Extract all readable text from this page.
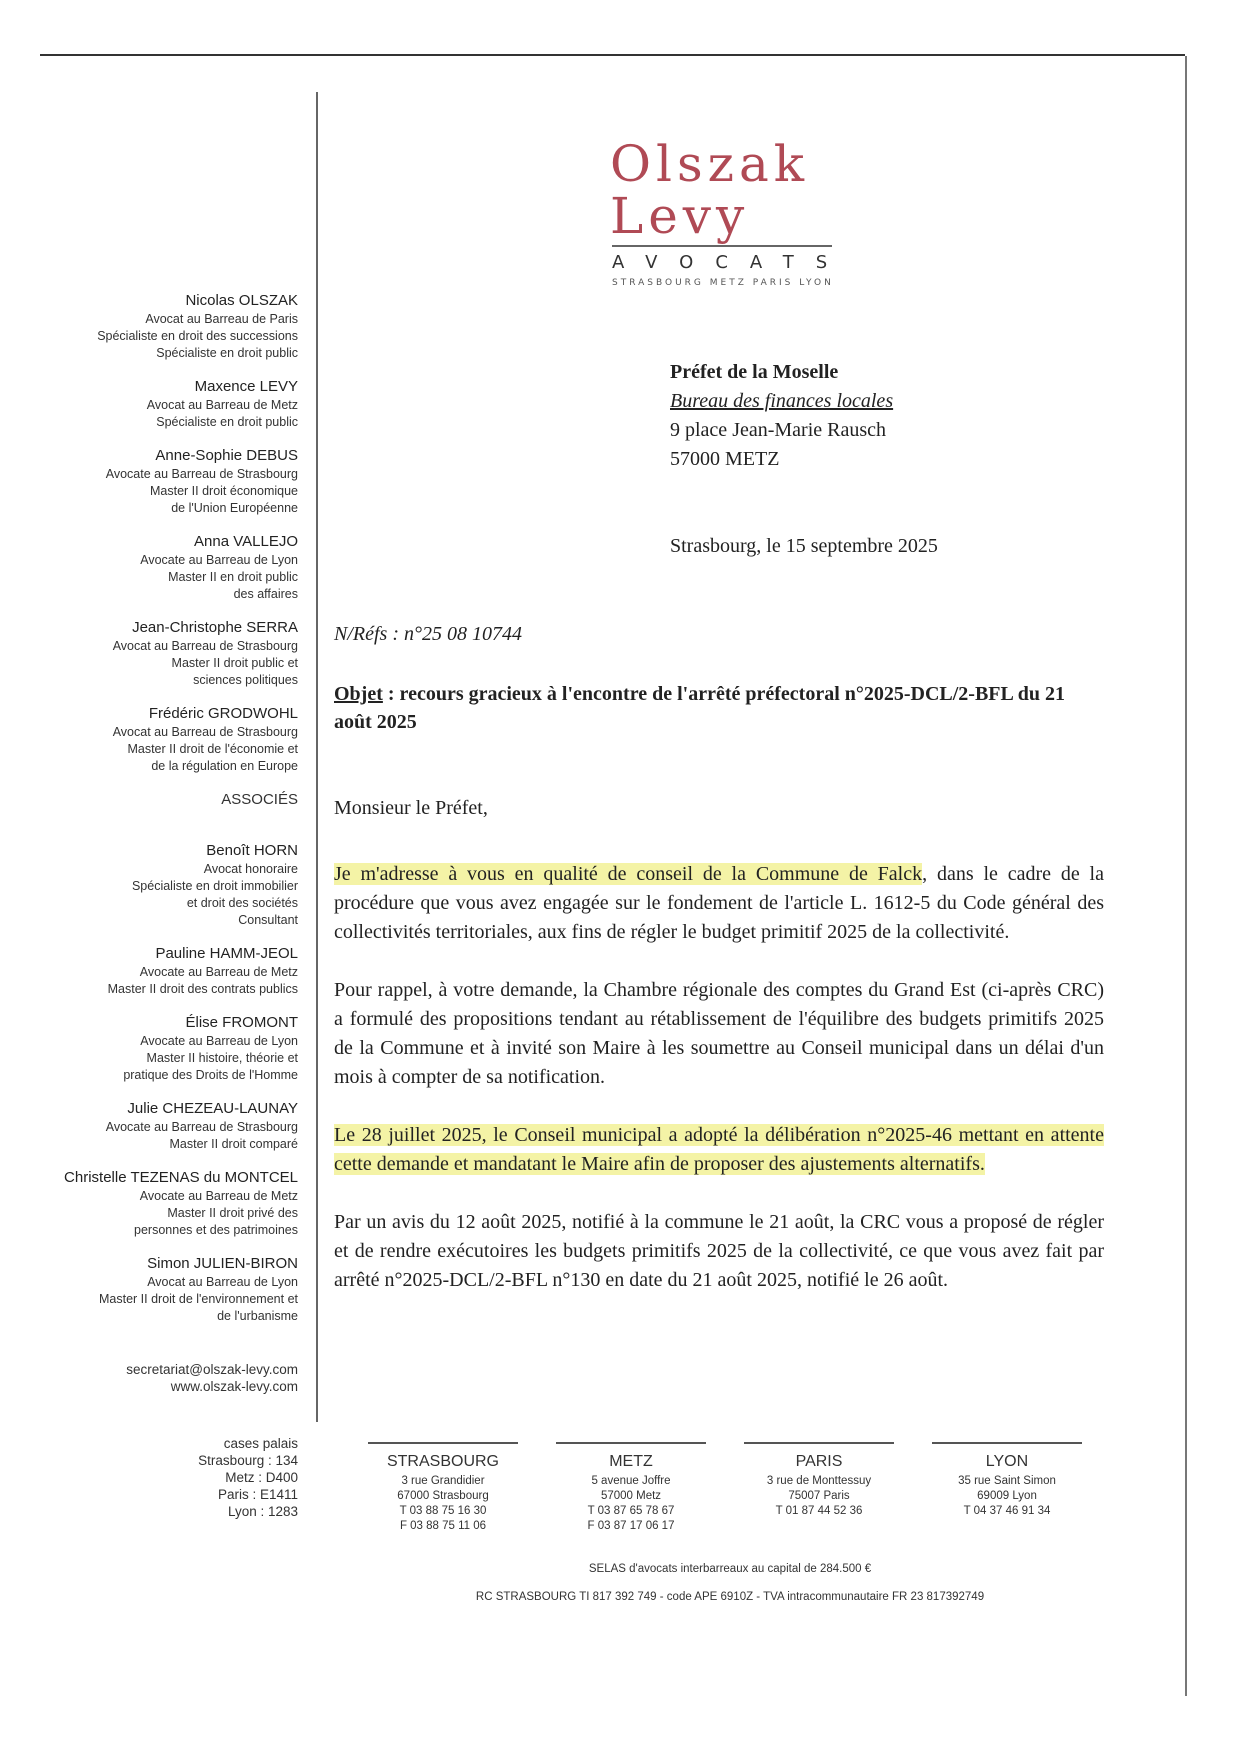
Olszak
Levy
AVOCATS
STRASBOURG METZ PARIS LYON
Nicolas OLSZAK
Avocat au Barreau de Paris
Spécialiste en droit des successions
Spécialiste en droit public
Maxence LEVY
Avocat au Barreau de Metz
Spécialiste en droit public
Anne-Sophie DEBUS
Avocate au Barreau de Strasbourg
Master II droit économique
de l'Union Européenne
Anna VALLEJO
Avocate au Barreau de Lyon
Master II en droit public
des affaires
Jean-Christophe SERRA
Avocat au Barreau de Strasbourg
Master II droit public et
sciences politiques
Frédéric GRODWOHL
Avocat au Barreau de Strasbourg
Master II droit de l'économie et
de la régulation en Europe
ASSOCIÉS
Benoît HORN
Avocat honoraire
Spécialiste en droit immobilier
et droit des sociétés
Consultant
Pauline HAMM-JEOL
Avocate au Barreau de Metz
Master II droit des contrats publics
Élise FROMONT
Avocate au Barreau de Lyon
Master II histoire, théorie et
pratique des Droits de l'Homme
Julie CHEZEAU-LAUNAY
Avocate au Barreau de Strasbourg
Master II droit comparé
Christelle TEZENAS du MONTCEL
Avocate au Barreau de Metz
Master II droit privé des
personnes et des patrimoines
Simon JULIEN-BIRON
Avocat au Barreau de Lyon
Master II droit de l'environnement et
de l'urbanisme
secretariat@olszak-levy.com
www.olszak-levy.com
cases palais
Strasbourg : 134
Metz : D400
Paris : E1411
Lyon : 1283
Préfet de la Moselle
Bureau des finances locales
9 place Jean-Marie Rausch
57000 METZ
Strasbourg, le 15 septembre 2025
N/Réfs : n°25 08 10744
Objet : recours gracieux à l'encontre de l'arrêté préfectoral n°2025-DCL/2-BFL du 21 août 2025
Monsieur le Préfet,

Je m'adresse à vous en qualité de conseil de la Commune de Falck, dans le cadre de la procédure que vous avez engagée sur le fondement de l'article L. 1612-5 du Code général des collectivités territoriales, aux fins de régler le budget primitif 2025 de la collectivité.

Pour rappel, à votre demande, la Chambre régionale des comptes du Grand Est (ci-après CRC) a formulé des propositions tendant au rétablissement de l'équilibre des budgets primitifs 2025 de la Commune et à invité son Maire à les soumettre au Conseil municipal dans un délai d'un mois à compter de sa notification.

Le 28 juillet 2025, le Conseil municipal a adopté la délibération n°2025-46 mettant en attente cette demande et mandatant le Maire afin de proposer des ajustements alternatifs.

Par un avis du 12 août 2025, notifié à la commune le 21 août, la CRC vous a proposé de régler et de rendre exécutoires les budgets primitifs 2025 de la collectivité, ce que vous avez fait par arrêté n°2025-DCL/2-BFL n°130 en date du 21 août 2025, notifié le 26 août.

STRASBOURG
3 rue Grandidier
67000 Strasbourg
T 03 88 75 16 30
F 03 88 75 11 06
METZ
5 avenue Joffre
57000 Metz
T 03 87 65 78 67
F 03 87 17 06 17
PARIS
3 rue de Monttessuy
75007 Paris
T 01 87 44 52 36
LYON
35 rue Saint Simon
69009 Lyon
T 04 37 46 91 34
SELAS d'avocats interbarreaux au capital de 284.500 €
RC STRASBOURG TI 817 392 749 - code APE 6910Z - TVA intracommunautaire FR 23 817392749
